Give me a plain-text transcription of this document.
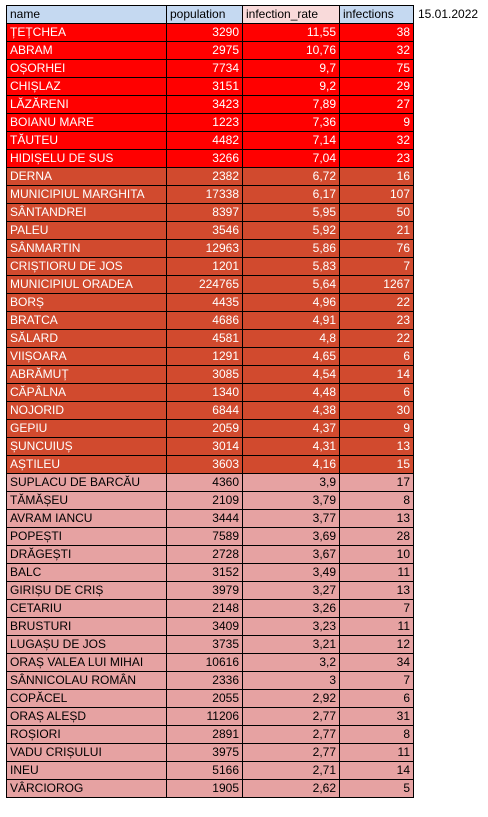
name	population	infection_rate	infections
ȚEȚCHEA	3290	11,55	38
ABRAM	2975	10,76	32
OȘORHEI	7734	9,7	75
CHIȘLAZ	3151	9,2	29
LĂZĂRENI	3423	7,89	27
BOIANU MARE	1223	7,36	9
TĂUTEU	4482	7,14	32
HIDIȘELU DE SUS	3266	7,04	23
DERNA	2382	6,72	16
MUNICIPIUL MARGHITA	17338	6,17	107
SÂNTANDREI	8397	5,95	50
PALEU	3546	5,92	21
SÂNMARTIN	12963	5,86	76
CRIȘTIORU DE JOS	1201	5,83	7
MUNICIPIUL ORADEA	224765	5,64	1267
BORȘ	4435	4,96	22
BRATCA	4686	4,91	23
SĂLARD	4581	4,8	22
VIIȘOARA	1291	4,65	6
ABRĂMUȚ	3085	4,54	14
CĂPÂLNA	1340	4,48	6
NOJORID	6844	4,38	30
GEPIU	2059	4,37	9
ȘUNCUIUȘ	3014	4,31	13
AȘTILEU	3603	4,16	15
SUPLACU DE BARCĂU	4360	3,9	17
TĂMĂȘEU	2109	3,79	8
AVRAM IANCU	3444	3,77	13
POPEȘTI	7589	3,69	28
DRĂGEȘTI	2728	3,67	10
BALC	3152	3,49	11
GIRIȘU DE CRIȘ	3979	3,27	13
CETARIU	2148	3,26	7
BRUSTURI	3409	3,23	11
LUGAȘU DE JOS	3735	3,21	12
ORAȘ VALEA LUI MIHAI	10616	3,2	34
SÂNNICOLAU ROMÂN	2336	3	7
COPĂCEL	2055	2,92	6
ORAȘ ALEȘD	11206	2,77	31
ROȘIORI	2891	2,77	8
VADU CRIȘULUI	3975	2,77	11
INEU	5166	2,71	14
VÂRCIOROG	1905	2,62	5
15.01.2022
